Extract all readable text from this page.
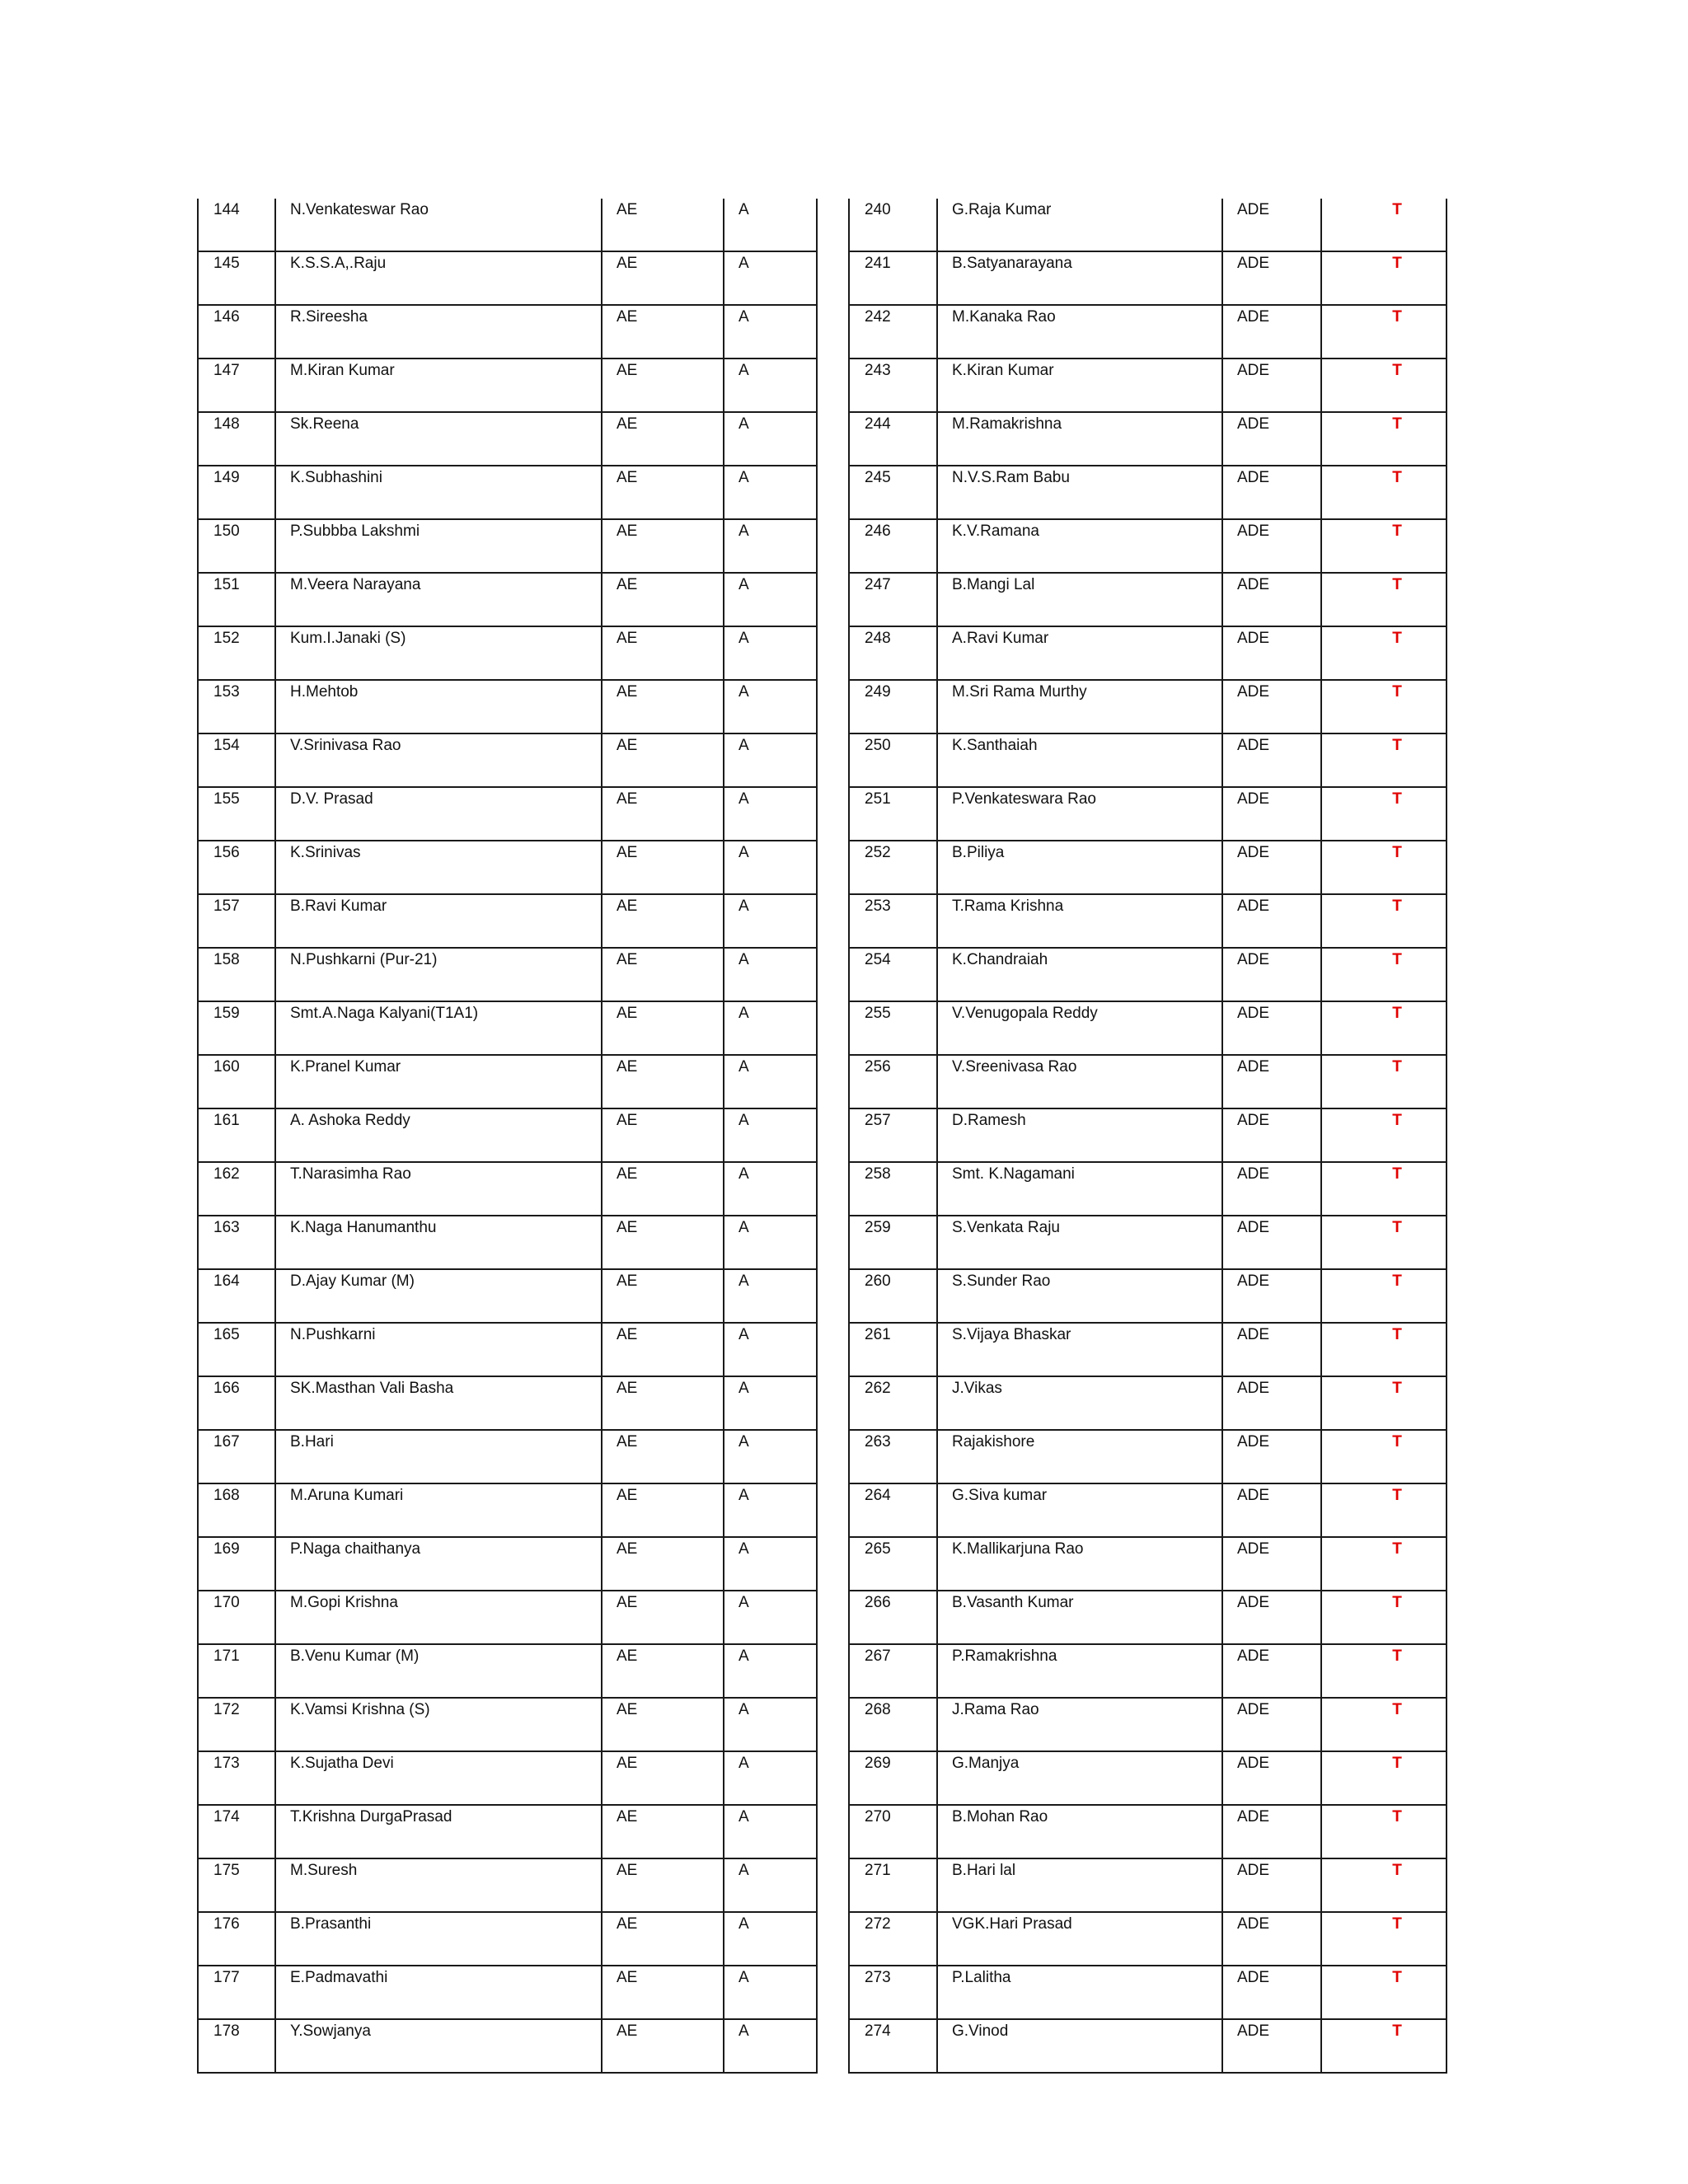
144	N.Venkateswar Rao	AE	A
145	K.S.S.A,.Raju	AE	A
146	R.Sireesha	AE	A
147	M.Kiran Kumar	AE	A
148	Sk.Reena	AE	A
149	K.Subhashini	AE	A
150	P.Subbba Lakshmi	AE	A
151	M.Veera Narayana	AE	A
152	Kum.I.Janaki (S)	AE	A
153	H.Mehtob	AE	A
154	V.Srinivasa Rao	AE	A
155	D.V. Prasad	AE	A
156	K.Srinivas	AE	A
157	B.Ravi Kumar	AE	A
158	N.Pushkarni (Pur-21)	AE	A
159	Smt.A.Naga Kalyani(T1A1)	AE	A
160	K.Pranel Kumar	AE	A
161	A. Ashoka Reddy	AE	A
162	T.Narasimha Rao	AE	A
163	K.Naga Hanumanthu	AE	A
164	D.Ajay Kumar (M)	AE	A
165	N.Pushkarni	AE	A
166	SK.Masthan Vali Basha	AE	A
167	B.Hari	AE	A
168	M.Aruna Kumari	AE	A
169	P.Naga chaithanya	AE	A
170	M.Gopi Krishna	AE	A
171	B.Venu Kumar (M)	AE	A
172	K.Vamsi Krishna (S)	AE	A
173	K.Sujatha Devi	AE	A
174	T.Krishna DurgaPrasad	AE	A
175	M.Suresh	AE	A
176	B.Prasanthi	AE	A
177	E.Padmavathi	AE	A
178	Y.Sowjanya	AE	A
240	G.Raja Kumar	ADE	T
241	B.Satyanarayana	ADE	T
242	M.Kanaka Rao	ADE	T
243	K.Kiran Kumar	ADE	T
244	M.Ramakrishna	ADE	T
245	N.V.S.Ram Babu	ADE	T
246	K.V.Ramana	ADE	T
247	B.Mangi Lal	ADE	T
248	A.Ravi Kumar	ADE	T
249	M.Sri Rama Murthy	ADE	T
250	K.Santhaiah	ADE	T
251	P.Venkateswara Rao	ADE	T
252	B.Piliya	ADE	T
253	T.Rama Krishna	ADE	T
254	K.Chandraiah	ADE	T
255	V.Venugopala Reddy	ADE	T
256	V.Sreenivasa Rao	ADE	T
257	D.Ramesh	ADE	T
258	Smt. K.Nagamani	ADE	T
259	S.Venkata Raju	ADE	T
260	S.Sunder Rao	ADE	T
261	S.Vijaya Bhaskar	ADE	T
262	J.Vikas	ADE	T
263	Rajakishore	ADE	T
264	G.Siva kumar	ADE	T
265	K.Mallikarjuna Rao	ADE	T
266	B.Vasanth Kumar	ADE	T
267	P.Ramakrishna	ADE	T
268	J.Rama Rao	ADE	T
269	G.Manjya	ADE	T
270	B.Mohan Rao	ADE	T
271	B.Hari lal	ADE	T
272	VGK.Hari Prasad	ADE	T
273	P.Lalitha	ADE	T
274	G.Vinod	ADE	T
